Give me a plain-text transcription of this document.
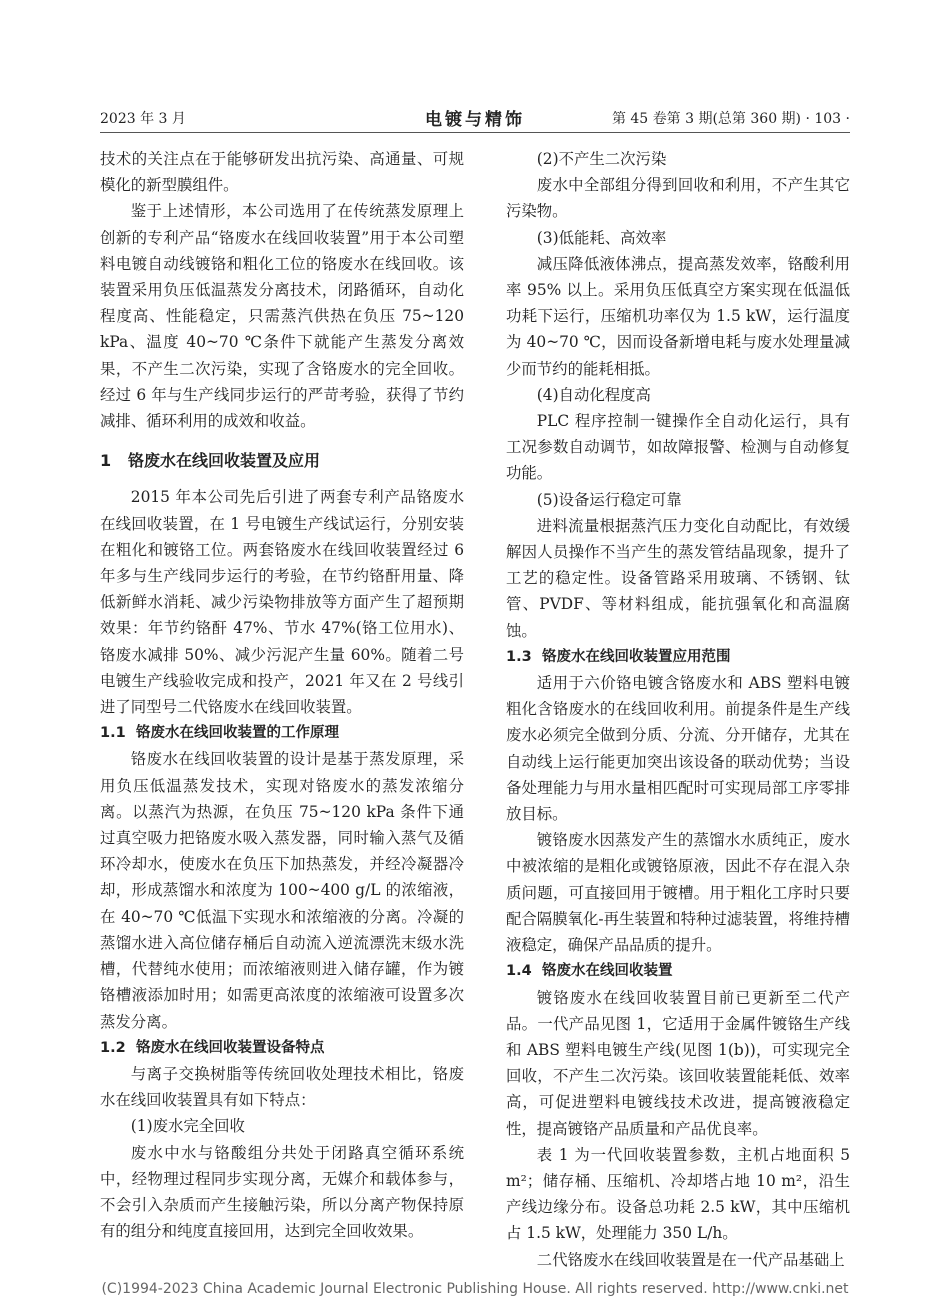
2023 年 3 月	电镀与精饰	第 45 卷第 3 期(总第 360 期) · 103 ·

技术的关注点在于能够研发出抗污染、高通量、可规模化的新型膜组件。

鉴于上述情形，本公司选用了在传统蒸发原理上创新的专利产品“铬废水在线回收装置”用于本公司塑料电镀自动线镀铬和粗化工位的铬废水在线回收。该装置采用负压低温蒸发分离技术，闭路循环，自动化程度高、性能稳定，只需蒸汽供热在负压 75~120 kPa、温度 40~70 ℃条件下就能产生蒸发分离效果，不产生二次污染，实现了含铬废水的完全回收。经过 6 年与生产线同步运行的严苛考验，获得了节约减排、循环利用的成效和收益。

1 铬废水在线回收装置及应用

2015 年本公司先后引进了两套专利产品铬废水在线回收装置，在 1 号电镀生产线试运行，分别安装在粗化和镀铬工位。两套铬废水在线回收装置经过 6 年多与生产线同步运行的考验，在节约铬酐用量、降低新鲜水消耗、减少污染物排放等方面产生了超预期效果：年节约铬酐 47%、节水 47%(铬工位用水)、铬废水减排 50%、减少污泥产生量 60%。随着二号电镀生产线验收完成和投产，2021 年又在 2 号线引进了同型号二代铬废水在线回收装置。

1.1 铬废水在线回收装置的工作原理

铬废水在线回收装置的设计是基于蒸发原理，采用负压低温蒸发技术，实现对铬废水的蒸发浓缩分离。以蒸汽为热源，在负压 75~120 kPa 条件下通过真空吸力把铬废水吸入蒸发器，同时输入蒸气及循环冷却水，使废水在负压下加热蒸发，并经冷凝器冷却，形成蒸馏水和浓度为 100~400 g/L 的浓缩液，在 40~70 ℃低温下实现水和浓缩液的分离。冷凝的蒸馏水进入高位储存桶后自动流入逆流漂洗末级水洗槽，代替纯水使用；而浓缩液则进入储存罐，作为镀铬槽液添加时用；如需更高浓度的浓缩液可设置多次蒸发分离。

1.2 铬废水在线回收装置设备特点

与离子交换树脂等传统回收处理技术相比，铬废水在线回收装置具有如下特点：

(1)废水完全回收

废水中水与铬酸组分共处于闭路真空循环系统中，经物理过程同步实现分离，无媒介和载体参与，不会引入杂质而产生接触污染，所以分离产物保持原有的组分和纯度直接回用，达到完全回收效果。

(2)不产生二次污染

废水中全部组分得到回收和利用，不产生其它污染物。

(3)低能耗、高效率

减压降低液体沸点，提高蒸发效率，铬酸利用率 95% 以上。采用负压低真空方案实现在低温低功耗下运行，压缩机功率仅为 1.5 kW，运行温度为 40~70 ℃，因而设备新增电耗与废水处理量减少而节约的能耗相抵。

(4)自动化程度高

PLC 程序控制一键操作全自动化运行，具有工况参数自动调节，如故障报警、检测与自动修复功能。

(5)设备运行稳定可靠

进料流量根据蒸汽压力变化自动配比，有效缓解因人员操作不当产生的蒸发管结晶现象，提升了工艺的稳定性。设备管路采用玻璃、不锈钢、钛管、PVDF、等材料组成，能抗强氧化和高温腐蚀。

1.3 铬废水在线回收装置应用范围

适用于六价铬电镀含铬废水和 ABS 塑料电镀粗化含铬废水的在线回收利用。前提条件是生产线废水必须完全做到分质、分流、分开储存，尤其在自动线上运行能更加突出该设备的联动优势；当设备处理能力与用水量相匹配时可实现局部工序零排放目标。

镀铬废水因蒸发产生的蒸馏水水质纯正，废水中被浓缩的是粗化或镀铬原液，因此不存在混入杂质问题，可直接回用于镀槽。用于粗化工序时只要配合隔膜氧化-再生装置和特种过滤装置，将维持槽液稳定，确保产品品质的提升。

1.4 铬废水在线回收装置

镀铬废水在线回收装置目前已更新至二代产品。一代产品见图 1，它适用于金属件镀铬生产线和 ABS 塑料电镀生产线(见图 1(b))，可实现完全回收，不产生二次污染。该回收装置能耗低、效率高，可促进塑料电镀线技术改进，提高镀液稳定性，提高镀铬产品质量和产品优良率。

表 1 为一代回收装置参数，主机占地面积 5 m²；储存桶、压缩机、冷却塔占地 10 m²，沿生产线边缘分布。设备总功耗 2.5 kW，其中压缩机占 1.5 kW，处理能力 350 L/h。

二代铬废水在线回收装置是在一代产品基础上

(C)1994-2023 China Academic Journal Electronic Publishing House. All rights reserved. http://www.cnki.net
